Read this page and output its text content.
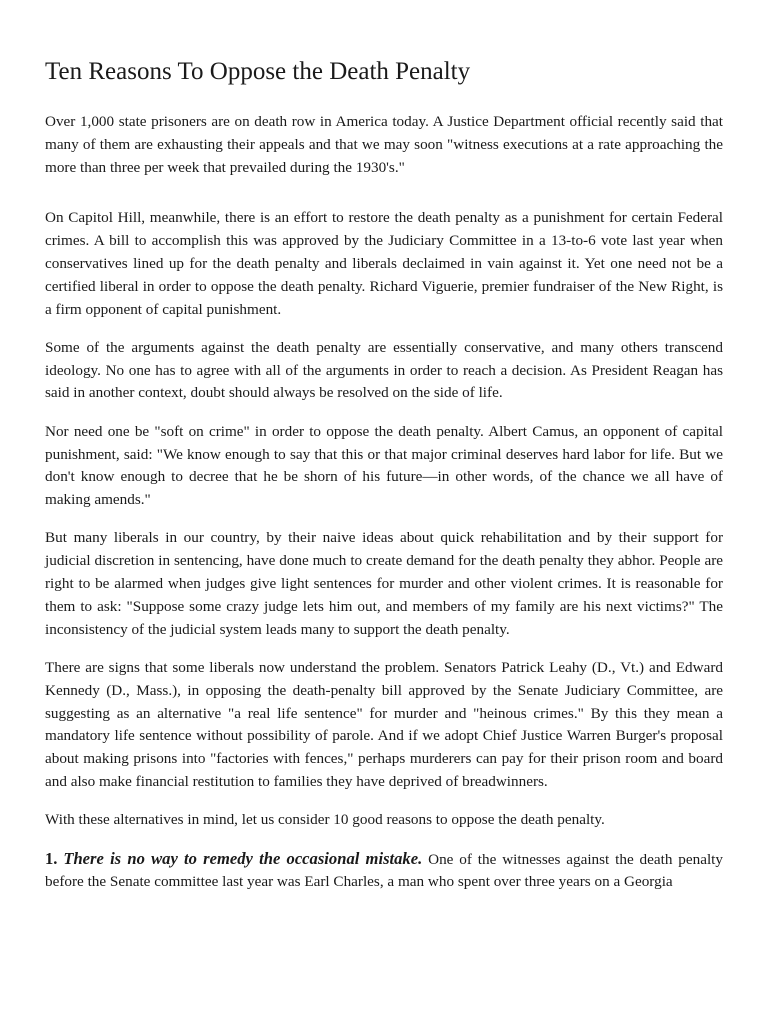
Ten Reasons To Oppose the Death Penalty

Over 1,000 state prisoners are on death row in America today. A Justice Department official recently said that many of them are exhausting their appeals and that we may soon "witness executions at a rate approaching the more than three per week that prevailed during the 1930's."

On Capitol Hill, meanwhile, there is an effort to restore the death penalty as a punishment for certain Federal crimes. A bill to accomplish this was approved by the Judiciary Committee in a 13-to-6 vote last year when conservatives lined up for the death penalty and liberals declaimed in vain against it. Yet one need not be a certified liberal in order to oppose the death penalty. Richard Viguerie, premier fundraiser of the New Right, is a firm opponent of capital punishment.

Some of the arguments against the death penalty are essentially conservative, and many others transcend ideology. No one has to agree with all of the arguments in order to reach a decision. As President Reagan has said in another context, doubt should always be resolved on the side of life.

Nor need one be "soft on crime" in order to oppose the death penalty. Albert Camus, an opponent of capital punishment, said: "We know enough to say that this or that major criminal deserves hard labor for life. But we don't know enough to decree that he be shorn of his future—in other words, of the chance we all have of making amends."

But many liberals in our country, by their naive ideas about quick rehabilitation and by their support for judicial discretion in sentencing, have done much to create demand for the death penalty they abhor. People are right to be alarmed when judges give light sentences for murder and other violent crimes. It is reasonable for them to ask: "Suppose some crazy judge lets him out, and members of my family are his next victims?" The inconsistency of the judicial system leads many to support the death penalty.

There are signs that some liberals now understand the problem. Senators Patrick Leahy (D., Vt.) and Edward Kennedy (D., Mass.), in opposing the death-penalty bill approved by the Senate Judiciary Committee, are suggesting as an alternative "a real life sentence" for murder and "heinous crimes." By this they mean a mandatory life sentence without possibility of parole. And if we adopt Chief Justice Warren Burger's proposal about making prisons into "factories with fences," perhaps murderers can pay for their prison room and board and also make financial restitution to families they have deprived of breadwinners.

With these alternatives in mind, let us consider 10 good reasons to oppose the death penalty.

1. There is no way to remedy the occasional mistake. One of the witnesses against the death penalty before the Senate committee last year was Earl Charles, a man who spent over three years on a Georgia
